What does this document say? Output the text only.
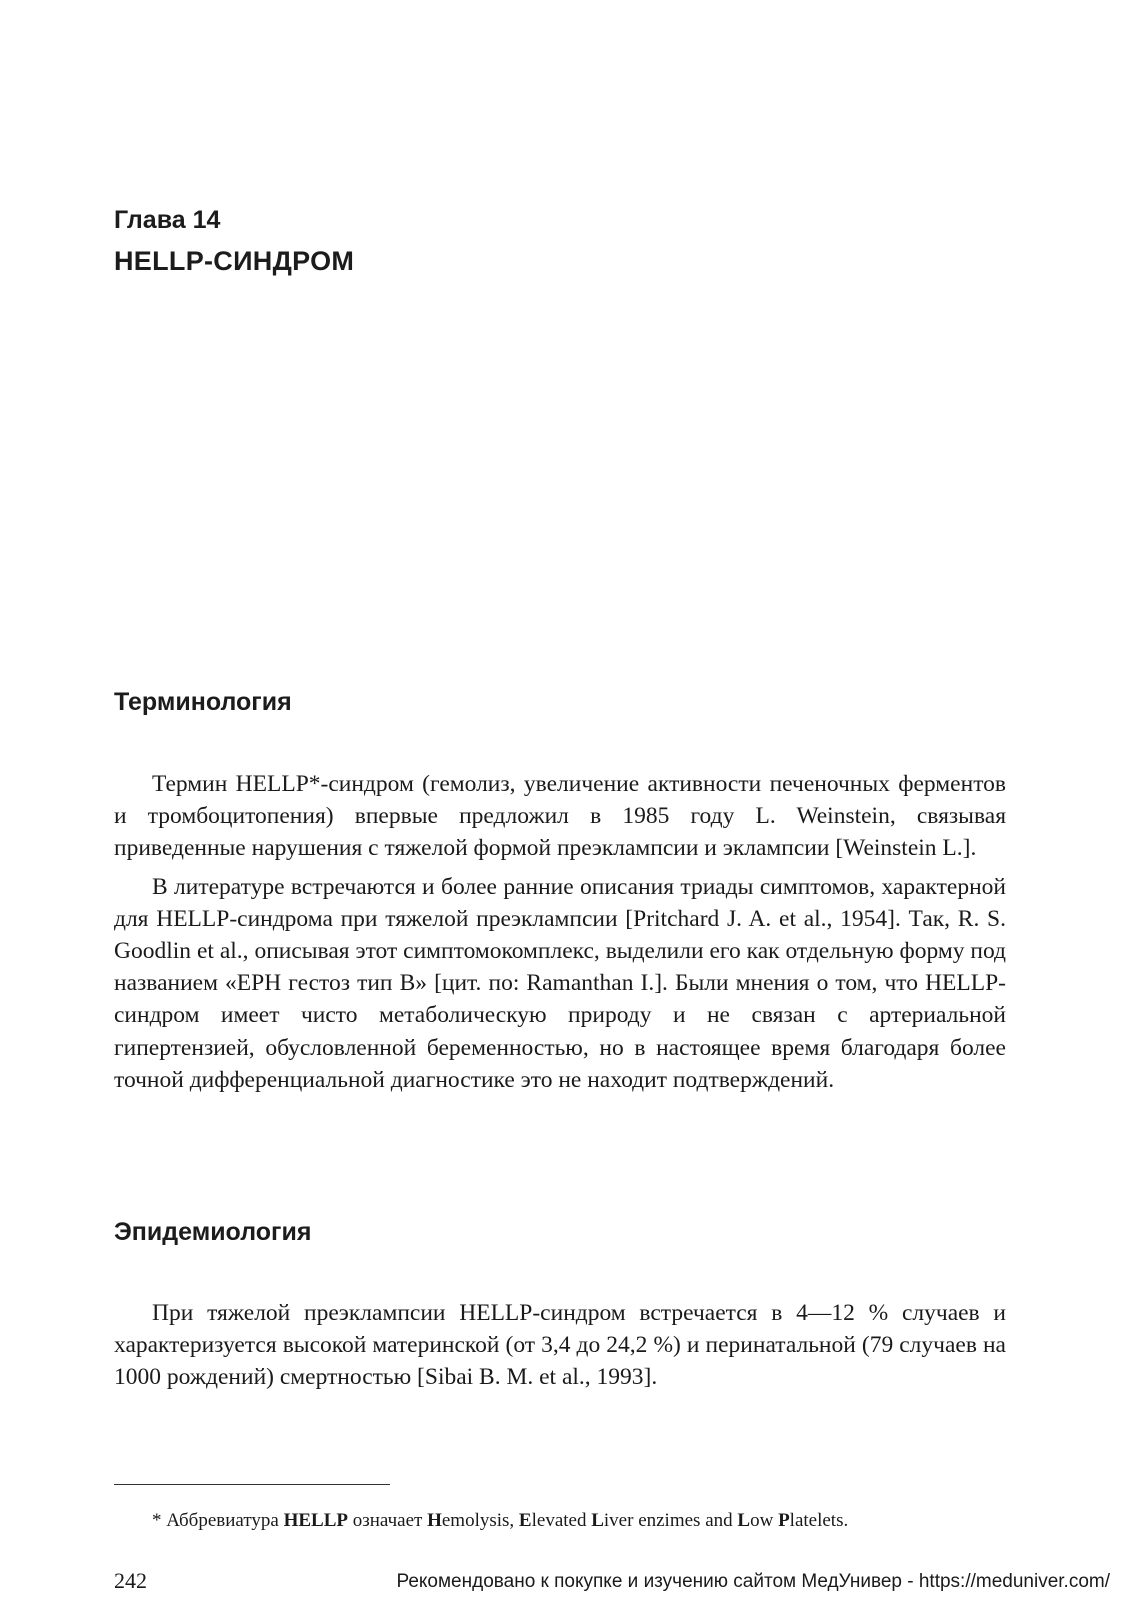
Глава 14
HELLP-СИНДРОМ
Терминология

Термин HELLP*-синдром (гемолиз, увеличение активности печеночных ферментов и тромбоцитопения) впервые предложил в 1985 году L. Weinstein, связывая приведенные нарушения с тяжелой формой преэклампсии и эклампсии [Weinstein L.].

В литературе встречаются и более ранние описания триады симптомов, характерной для HELLP-синдрома при тяжелой преэклампсии [Pritchard J. A. et al., 1954]. Так, R. S. Goodlin et al., описывая этот симптомокомплекс, выделили его как отдельную форму под названием «ЕРН гестоз тип В» [цит. по: Ramanthan I.]. Были мнения о том, что HELLP-синдром имеет чисто метаболическую природу и не связан с артериальной гипертензией, обусловленной беременностью, но в настоящее время благодаря более точной дифференциальной диагностике это не находит подтверждений.

Эпидемиология

При тяжелой преэклампсии HELLP-синдром встречается в 4—12 % случаев и характеризуется высокой материнской (от 3,4 до 24,2 %) и перинатальной (79 случаев на 1000 рождений) смертностью [Sibai B. M. et al., 1993].

* Аббревиатура HELLP означает Hemolysis, Elevated Liver enzimes and Low Platelets.

242	Рекомендовано к покупке и изучению сайтом МедУнивер - https://meduniver.com/
